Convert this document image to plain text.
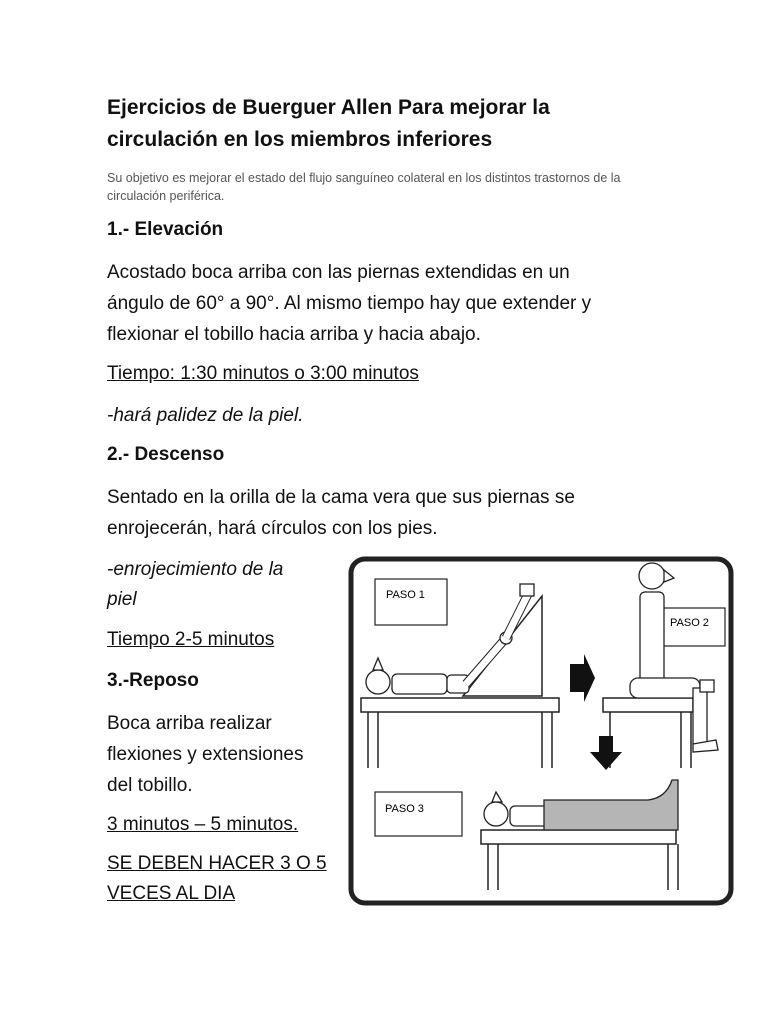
Ejercicios de Buerguer Allen Para mejorar la

circulación en los miembros inferiores

Su objetivo es mejorar el estado del flujo sanguíneo colateral en los distintos trastornos de la circulación periférica.

1.- Elevación

Acostado boca arriba con las piernas extendidas en un

ángulo de 60° a 90°. Al mismo tiempo hay que extender y

flexionar el tobillo hacia arriba y hacia abajo.

Tiempo: 1:30 minutos o 3:00 minutos

-hará palidez de la piel.

2.- Descenso

Sentado en la orilla de la cama vera que sus piernas se

enrojecerán, hará círculos con los pies.

-enrojecimiento de la

piel

Tiempo 2-5 minutos

3.-Reposo

Boca arriba realizar

flexiones y extensiones

del tobillo.

3 minutos – 5 minutos.

SE DEBEN HACER 3 O 5

VECES AL DIA

PASO 1
PASO 2
PASO 3
